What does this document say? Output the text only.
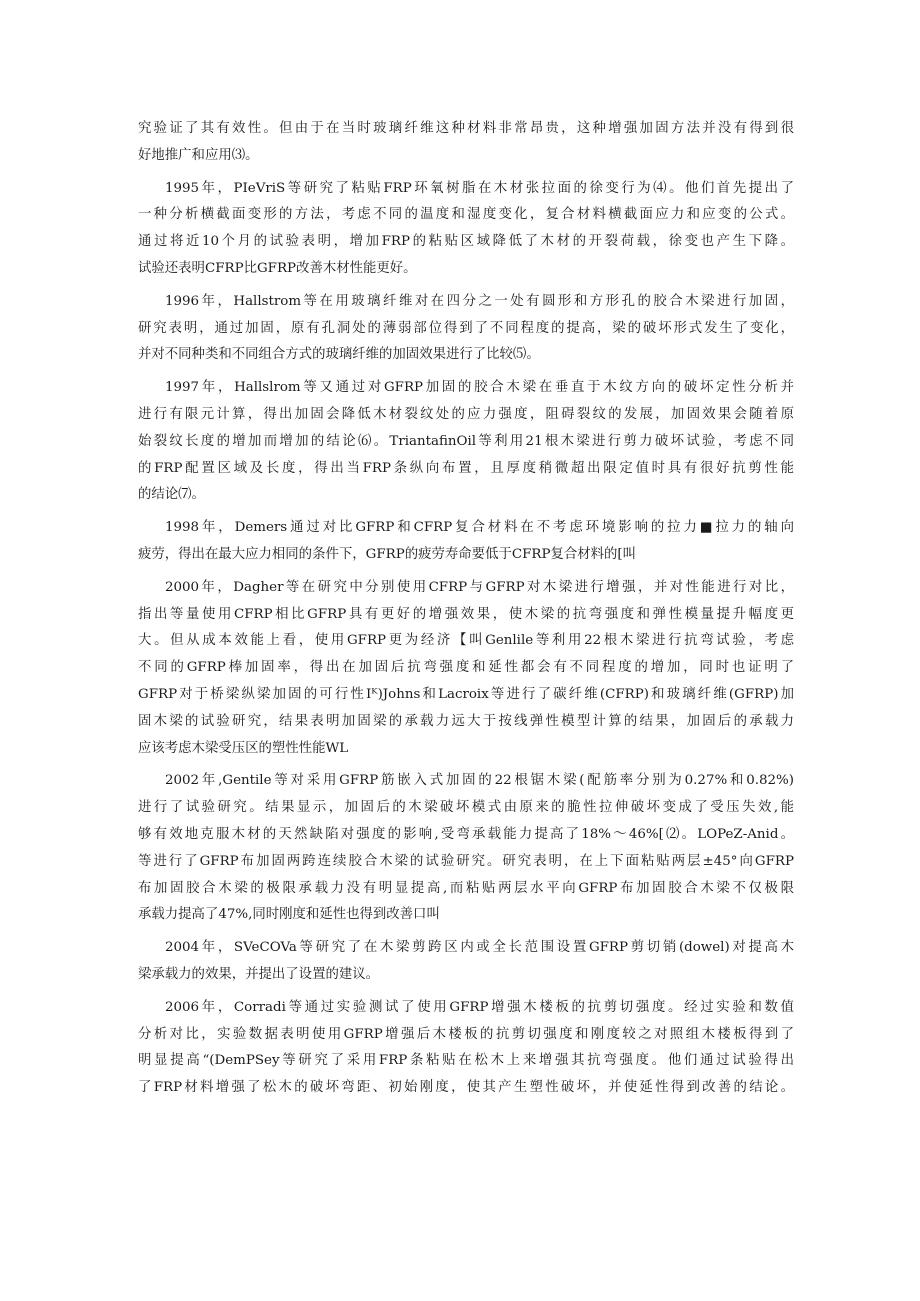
究验证了其有效性。但由于在当时玻璃纤维这种材料非常昂贵，这种增强加固方法并没有得到很
好地推广和应用⑶。
1995年，PIeVriS等研究了粘贴FRP环氧树脂在木材张拉面的徐变行为⑷。他们首先提出了
一种分析横截面变形的方法，考虑不同的温度和湿度变化，复合材料横截面应力和应变的公式。
通过将近10个月的试验表明，增加FRP的粘贴区域降低了木材的开裂荷载，徐变也产生下降。
试验还表明CFRP比GFRP改善木材性能更好。
1996年，Hallstrom等在用玻璃纤维对在四分之一处有圆形和方形孔的胶合木梁进行加固，
研究表明，通过加固，原有孔洞处的薄弱部位得到了不同程度的提高，梁的破坏形式发生了变化，
并对不同种类和不同组合方式的玻璃纤维的加固效果进行了比较⑸。
1997年，Hallslrom等又通过对GFRP加固的胶合木梁在垂直于木纹方向的破坏定性分析并
进行有限元计算，得出加固会降低木材裂纹处的应力强度，阻碍裂纹的发展，加固效果会随着原
始裂纹长度的增加而增加的结论⑹。TriantafinOil等利用21根木梁进行剪力破坏试验，考虑不同
的FRP配置区域及长度，得出当FRP条纵向布置，且厚度稍微超出限定值时具有很好抗剪性能
的结论⑺。
1998年，Demers通过对比GFRP和CFRP复合材料在不考虑环境影响的拉力■拉力的轴向
疲劳，得出在最大应力相同的条件下，GFRP的疲劳寿命要低于CFRP复合材料的[叫
2000年，Dagher等在研究中分别使用CFRP与GFRP对木梁进行增强，并对性能进行对比，
指出等量使用CFRP相比GFRP具有更好的增强效果，使木梁的抗弯强度和弹性模量提升幅度更
大。但从成本效能上看，使用GFRP更为经济【叫Genlile等利用22根木梁进行抗弯试验，考虑
不同的GFRP棒加固率，得出在加固后抗弯强度和延性都会有不同程度的增加，同时也证明了
GFRP对于桥梁纵梁加固的可行性Iᴷ)Johns和Lacroix等进行了碳纤维(CFRP)和玻璃纤维(GFRP)加
固木梁的试验研究，结果表明加固梁的承载力远大于按线弹性模型计算的结果，加固后的承载力
应该考虑木梁受压区的塑性性能WL
2002年,Gentile等对采用GFRP筋嵌入式加固的22根锯木梁(配筋率分别为0.27%和0.82%)
进行了试验研究。结果显示，加固后的木梁破坏模式由原来的脆性拉伸破坏变成了受压失效,能
够有效地克服木材的天然缺陷对强度的影响,受弯承载能力提高了18%～46%[⑵。LOPeZ-Anid。
等进行了GFRP布加固两跨连续胶合木梁的试验研究。研究表明，在上下面粘贴两层±45°向GFRP
布加固胶合木梁的极限承载力没有明显提高,而粘贴两层水平向GFRP布加固胶合木梁不仅极限
承载力提高了47%,同时刚度和延性也得到改善口叫
2004年，SVeCOVa等研究了在木梁剪跨区内或全长范围设置GFRP剪切销(dowel)对提高木
梁承载力的效果，并提出了设置的建议。
2006年，Corradi等通过实验测试了使用GFRP增强木楼板的抗剪切强度。经过实验和数值
分析对比，实验数据表明使用GFRP增强后木楼板的抗剪切强度和刚度较之对照组木楼板得到了
明显提高“(DemPSey等研究了采用FRP条粘贴在松木上来增强其抗弯强度。他们通过试验得出
了FRP材料增强了松木的破坏弯距、初始刚度，使其产生塑性破坏，并使延性得到改善的结论。
